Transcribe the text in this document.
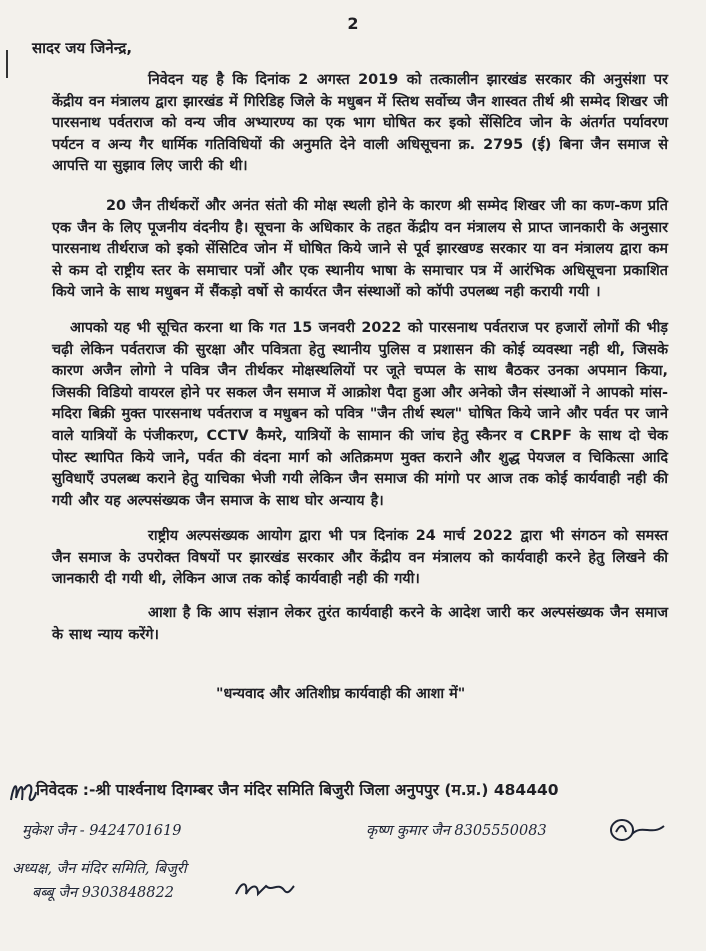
2
सादर जय जिनेन्द्र,

निवेदन यह है कि दिनांक 2 अगस्त 2019 को तत्कालीन झारखंड सरकार की अनुसंशा पर केंद्रीय वन मंत्रालय द्वारा झारखंड में गिरिडिह जिले के मधुबन में स्तिथ सर्वोच्य जैन शास्वत तीर्थ श्री सम्मेद शिखर जी पारसनाथ पर्वतराज को वन्य जीव अभ्यारण्य का एक भाग घोषित कर इको सेंसिटिव जोन के अंतर्गत पर्यावरण पर्यटन व अन्य गैर धार्मिक गतिविधियों की अनुमति देने वाली अधिसूचना क्र. 2795 (ई) बिना जैन समाज से आपत्ति या सुझाव लिए जारी की थी।

20 जैन तीर्थकरों और अनंत संतो की मोक्ष स्थली होने के कारण श्री सम्मेद शिखर जी का कण-कण प्रति एक जैन के लिए पूजनीय वंदनीय है। सूचना के अधिकार के तहत केंद्रीय वन मंत्रालय से प्राप्त जानकारी के अनुसार पारसनाथ तीर्थराज को इको सेंसिटिव जोन में घोषित किये जाने से पूर्व झारखण्ड सरकार या वन मंत्रालय द्वारा कम से कम दो राष्ट्रीय स्तर के समाचार पत्रों और एक स्थानीय भाषा के समाचार पत्र में आरंभिक अधिसूचना प्रकाशित किये जाने के साथ मधुबन में सैंकड़ो वर्षो से कार्यरत जैन संस्थाओं को कॉपी उपलब्ध नही करायी गयी ।

आपको यह भी सूचित करना था कि गत 15 जनवरी 2022 को पारसनाथ पर्वतराज पर हजारों लोगों की भीड़ चढ़ी लेकिन पर्वतराज की सुरक्षा और पवित्रता हेतु स्थानीय पुलिस व प्रशासन की कोई व्यवस्था नही थी, जिसके कारण अजैन लोगो ने पवित्र जैन तीर्थकर मोक्षस्थलियों पर जूते चप्पल के साथ बैठकर उनका अपमान किया, जिसकी विडियो वायरल होने पर सकल जैन समाज में आक्रोश पैदा हुआ और अनेको जैन संस्थाओं ने आपको मांस-मदिरा बिक्री मुक्त पारसनाथ पर्वतराज व मधुबन को पवित्र "जैन तीर्थ स्थल" घोषित किये जाने और पर्वत पर जाने वाले यात्रियों के पंजीकरण, CCTV कैमरे, यात्रियों के सामान की जांच हेतु स्कैनर व CRPF के साथ दो चेक पोस्ट स्थापित किये जाने, पर्वत की वंदना मार्ग को अतिक्रमण मुक्त कराने और शुद्ध पेयजल व चिकित्सा आदि सुविधाएँ उपलब्ध कराने हेतु याचिका भेजी गयी लेकिन जैन समाज की मांगो पर आज तक कोई कार्यवाही नही की गयी और यह अल्पसंख्यक जैन समाज के साथ घोर अन्याय है।

राष्ट्रीय अल्पसंख्यक आयोग द्वारा भी पत्र दिनांक 24 मार्च 2022 द्वारा भी संगठन को समस्त जैन समाज के उपरोक्त विषयों पर झारखंड सरकार और केंद्रीय वन मंत्रालय को कार्यवाही करने हेतु लिखने की जानकारी दी गयी थी, लेकिन आज तक कोई कार्यवाही नही की गयी।

आशा है कि आप संज्ञान लेकर तुरंत कार्यवाही करने के आदेश जारी कर अल्पसंख्यक जैन समाज के साथ न्याय करेंगे।

"धन्यवाद और अतिशीघ्र कार्यवाही की आशा में"
निवेदक :-श्री पार्श्वनाथ दिगम्बर जैन मंदिर समिति बिजुरी जिला अनुपपुर (म.प्र.) 484440
मुकेश जैन - 9424701619	कृष्ण कुमार जैन 8305550083
अध्यक्ष, जैन मंदिर समिति, बिजुरी
बब्बू जैन 9303848822
